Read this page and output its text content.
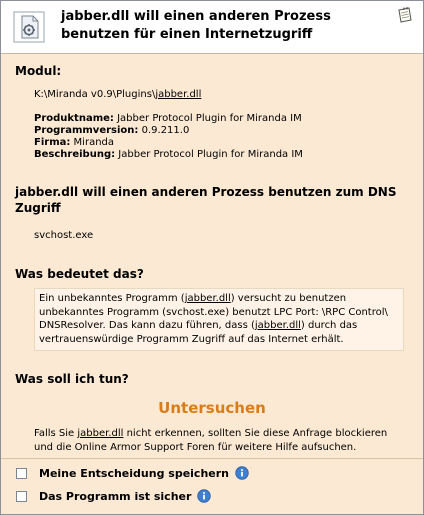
jabber.dll will einen anderen Prozess benutzen für einen Internetzugriff
Modul:
K:\Miranda v0.9\Plugins\jabber.dll
Produktname: Jabber Protocol Plugin for Miranda IM
Programmversion: 0.9.211.0
Firma: Miranda
Beschreibung: Jabber Protocol Plugin for Miranda IM
jabber.dll will einen anderen Prozess benutzen zum DNS Zugriff
svchost.exe
Was bedeutet das?
Ein unbekanntes Programm (jabber.dll) versucht zu benutzen unbekanntes Programm (svchost.exe) benutzt LPC Port: \RPC Control\ DNSResolver. Das kann dazu führen, dass (jabber.dll) durch das vertrauenswürdige Programm Zugriff auf das Internet erhält.
Was soll ich tun?
Untersuchen
Falls Sie jabber.dll nicht erkennen, sollten Sie diese Anfrage blockieren und die Online Armor Support Foren für weitere Hilfe aufsuchen.
Meine Entscheidung speichern
Das Programm ist sicher
